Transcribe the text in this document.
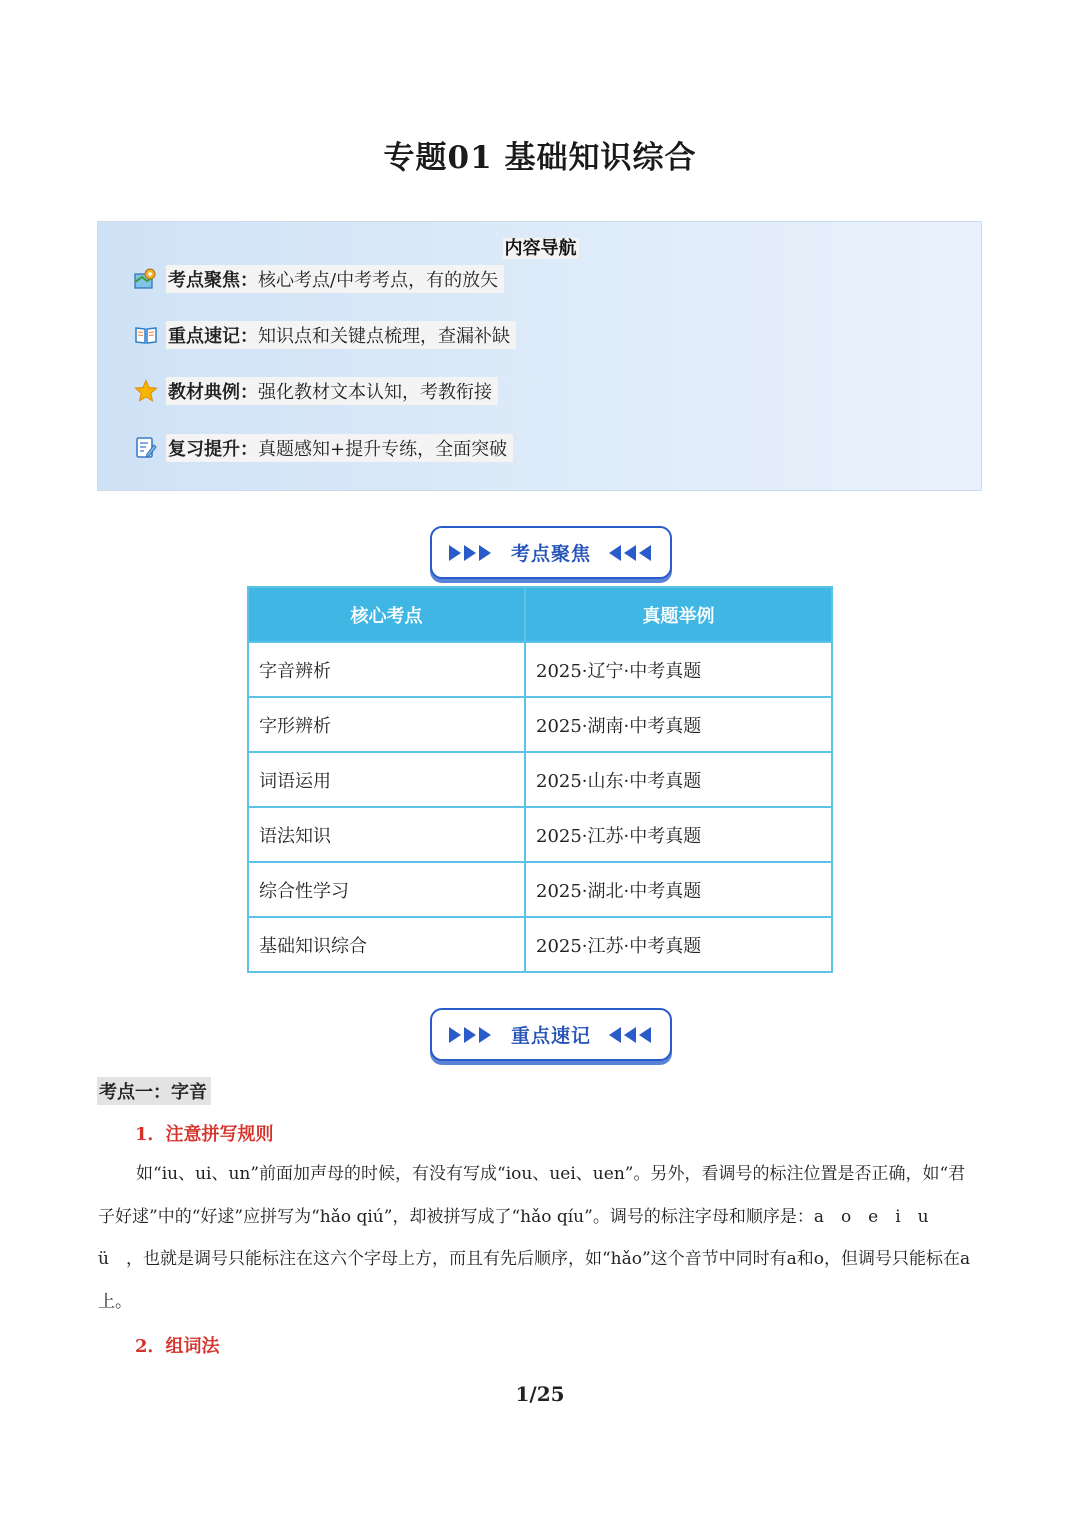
专题01 基础知识综合
内容导航
考点聚焦：核心考点/中考考点，有的放矢
重点速记：知识点和关键点梳理，查漏补缺
教材典例：强化教材文本认知，考教衔接
复习提升：真题感知+提升专练，全面突破
考点聚焦
核心考点	真题举例
字音辨析	2025·辽宁·中考真题
字形辨析	2025·湖南·中考真题
词语运用	2025·山东·中考真题
语法知识	2025·江苏·中考真题
综合性学习	2025·湖北·中考真题
基础知识综合	2025·江苏·中考真题
重点速记
考点一：字音
1．注意拼写规则

如“iu、ui、un”前面加声母的时候，有没有写成“iou、uei、uen”。另外，看调号的标注位置是否正确，如“君子好逑”中的“好逑”应拼写为“hǎo qiú”，却被拼写成了“hǎo qíu”。调号的标注字母和顺序是：a　o　e　i　u　ü　，也就是调号只能标注在这六个字母上方，而且有先后顺序，如“hǎo”这个音节中同时有a和o，但调号只能标在a上。

2．组词法
1/25
